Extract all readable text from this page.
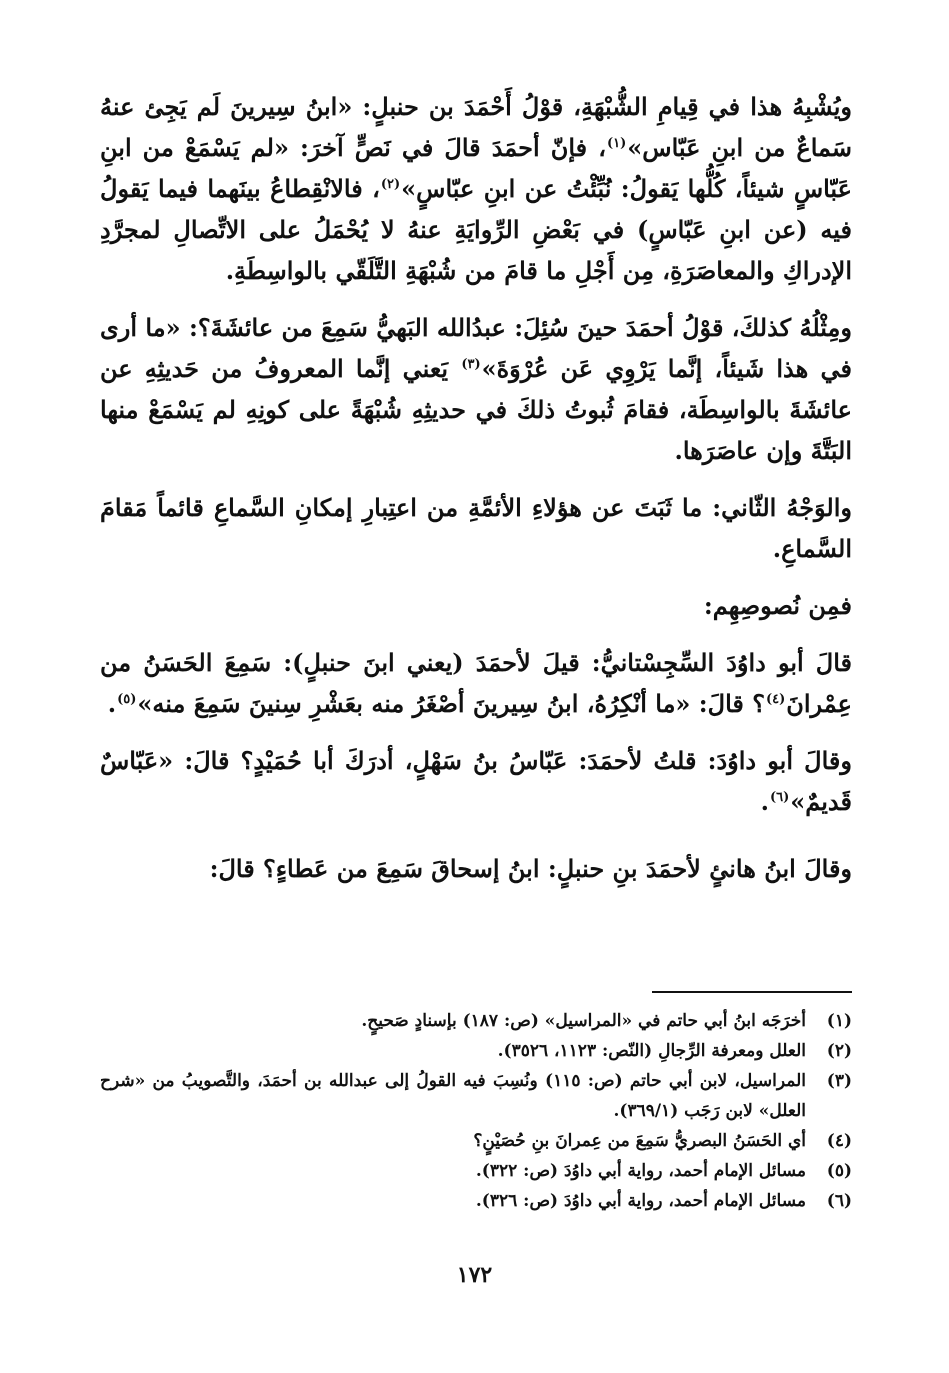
ويُشْبِهُ هذا في قِيامِ الشُّبْهَةِ، قوْلُ أَحْمَدَ بن حنبلٍ: «ابنُ سِيرينَ لَم يَجِئ عنهُ سَماعٌ من ابنِ عَبّاس»$^{(١)}$، فإنّ أحمَدَ قالَ في نَصٍّ آخرَ: «لم يَسْمَعْ من ابنِ عَبّاسٍ شيئاً، كُلُّها يَقولُ: نُبِّئْتُ عن ابنِ عبّاسٍ»$^{(٢)}$، فالانْقِطاعُ بينَهما فيما يَقولُ فيه (عن ابنِ عَبّاسٍ) في بَعْضِ الرِّوايَةِ عنهُ لا يُحْمَلُ على الاتِّصالِ لمجرَّدِ الإدراكِ والمعاصَرَةِ، مِن أَجْلِ ما قامَ من شُبْهَةِ التَّلَقّي بالواسِطَةِ.

ومِثْلُهُ كذلكَ، قوْلُ أحمَدَ حينَ سُئِلَ: عبدُالله البَهيُّ سَمِعَ من عائشَةَ؟: «ما أرى في هذا شَيئاً، إنَّما يَرْوِي عَن عُرْوَةَ»$^{(٣)}$ يَعني إنَّما المعروفُ من حَديثِهِ عن عائشَةَ بالواسِطَة، فقامَ ثُبوتُ ذلكَ في حديثِهِ شُبْهَةً على كونِهِ لم يَسْمَعْ منها البَتَّةَ وإن عاصَرَها.

والوَجْهُ الثّاني: ما ثَبَتَ عن هؤلاءِ الأئمَّةِ من اعتِبارِ إمكانِ السَّماعِ قائماً مَقامَ السَّماعِ.

فمِن نُصوصِهِم:

قالَ أبو داوُدَ السِّجِسْتانيُّ: قيلَ لأحمَدَ (يعني ابنَ حنبلٍ): سَمِعَ الحَسَنُ من عِمْرانَ$^{(٤)}$؟ قالَ: «ما أنْكِرُهُ، ابنُ سِيرينَ أصْغَرُ منه بعَشْرِ سِنينَ سَمِعَ منه»$^{(٥)}$.

وقالَ أبو داوُدَ: قلتُ لأحمَدَ: عَبّاسُ بنُ سَهْلٍ، أدرَكَ أبا حُمَيْدٍ؟ قالَ: «عَبّاسٌ قَديمٌ»$^{(٦)}$.

وقالَ ابنُ هانئٍ لأحمَدَ بنِ حنبلٍ: ابنُ إسحاقَ سَمِعَ من عَطاءٍ؟ قالَ:

(١)
أخرَجَه ابنُ أبي حاتم في «المراسيل» (ص: ١٨٧) بإسنادٍ صَحيحٍ.
(٢)
العلل ومعرفة الرِّجالِ (النّص: ١١٢٣، ٣٥٢٦).
(٣)
المراسيل، لابن أبي حاتم (ص: ١١٥) ونُسِبَ فيه القولُ إلى عبدالله بن أحمَدَ، والتَّصويبُ من «شرح العلل» لابن رَجَب (٣٦٩/١).
(٤)
أي الحَسَنُ البصريُّ سَمِعَ من عِمرانَ بنِ حُصَيْنٍ؟
(٥)
مسائل الإمام أحمد، رواية أبي داوُدَ (ص: ٣٢٢).
(٦)
مسائل الإمام أحمد، رواية أبي داوُدَ (ص: ٣٢٦).
١٧٢
